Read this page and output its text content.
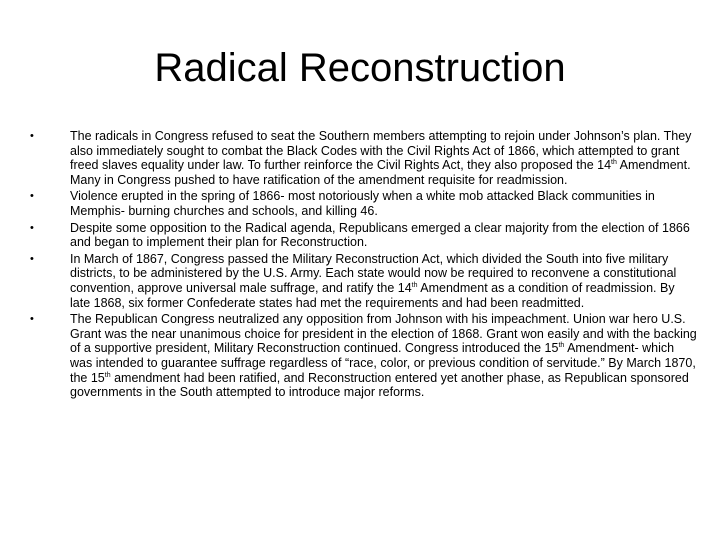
Radical Reconstruction
•	The radicals in Congress refused to seat the Southern members attempting to rejoin under Johnson’s plan. They also immediately sought to combat the Black Codes with the Civil Rights Act of 1866, which attempted to grant freed slaves equality under law. To further reinforce the Civil Rights Act, they also proposed the 14th Amendment. Many in Congress pushed to have ratification of the amendment requisite for readmission.
•	Violence erupted in the spring of 1866- most notoriously when a white mob attacked Black communities in Memphis- burning churches and schools, and killing 46.
•	Despite some opposition to the Radical agenda, Republicans emerged a clear majority from the election of 1866 and began to implement their plan for Reconstruction.
•	In March of 1867, Congress passed the Military Reconstruction Act, which divided the South into five military districts, to be administered by the U.S. Army. Each state would now be required to reconvene a constitutional convention, approve universal male suffrage, and ratify the 14th Amendment as a condition of readmission. By late 1868, six former Confederate states had met the requirements and had been readmitted.
•	The Republican Congress neutralized any opposition from Johnson with his impeachment. Union war hero U.S. Grant was the near unanimous choice for president in the election of 1868. Grant won easily and with the backing of a supportive president, Military Reconstruction continued. Congress introduced the 15th Amendment- which was intended to guarantee suffrage regardless of “race, color, or previous condition of servitude.” By March 1870, the 15th amendment had been ratified, and Reconstruction entered yet another phase, as Republican sponsored governments in the South attempted to introduce major reforms.
